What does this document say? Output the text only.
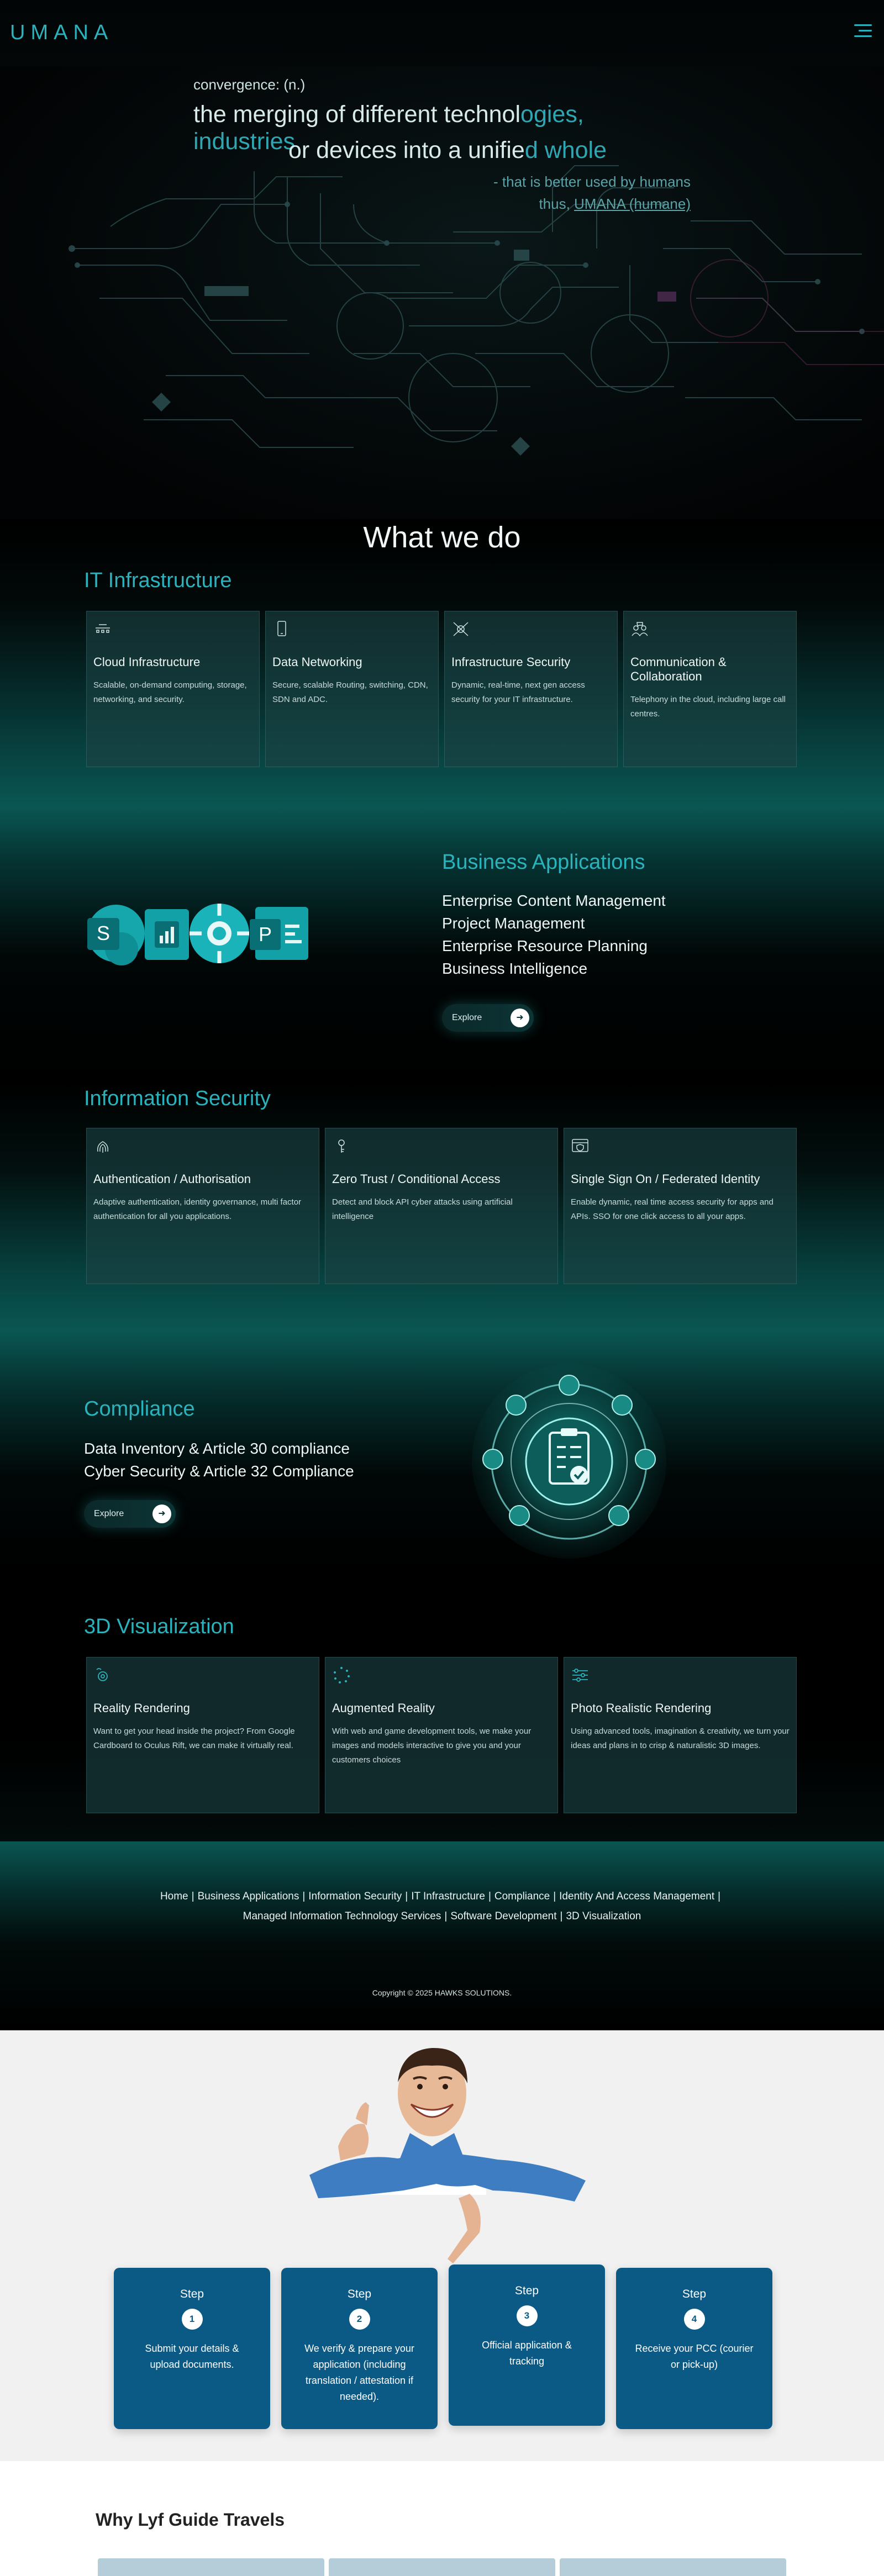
UMANA
convergence: (n.)
the merging of different technologies, industries
or devices into a unified whole
- that is better used by humans
thus, UMANA (humane)
What we do
IT Infrastructure
Cloud Infrastructure

Scalable, on-demand computing, storage, networking, and security.

Data Networking

Secure, scalable Routing, switching, CDN, SDN and ADC.

Infrastructure Security

Dynamic, real-time, next gen access security for your IT infrastructure.

Communication & Collaboration

Telephony in the cloud, including large call centres.

S	P
Business Applications
Enterprise Content Management
Project Management
Enterprise Resource Planning
Business Intelligence
Explore	➜
Information Security
Authentication / Authorisation

Adaptive authentication, identity governance, multi factor authentication for all you applications.

Zero Trust / Conditional Access

Detect and block API cyber attacks using artificial intelligence

Single Sign On / Federated Identity

Enable dynamic, real time access security for apps and APIs. SSO for one click access to all your apps.

Compliance
Data Inventory & Article 30 compliance
Cyber Security & Article 32 Compliance
Explore	➜
3D Visualization
Reality Rendering

Want to get your head inside the project? From Google Cardboard to Oculus Rift, we can make it virtually real.

Augmented Reality

With web and game development tools, we make your images and models interactive to give you and your customers choices

Photo Realistic Rendering

Using advanced tools, imagination & creativity, we turn your ideas and plans in to crisp & naturalistic 3D images.

Home | Business Applications | Information Security | IT Infrastructure | Compliance | Identity And Access Management |
Managed Information Technology Services | Software Development | 3D Visualization
Copyright © 2025 HAWKS SOLUTIONS.
Step
1
Submit your details & upload documents.
Step
2
We verify & prepare your application (including translation / attestation if needed).
Step
3
Official application & tracking
Step
4
Receive your PCC (courier or pick-up)
Why Lyf Guide Travels
